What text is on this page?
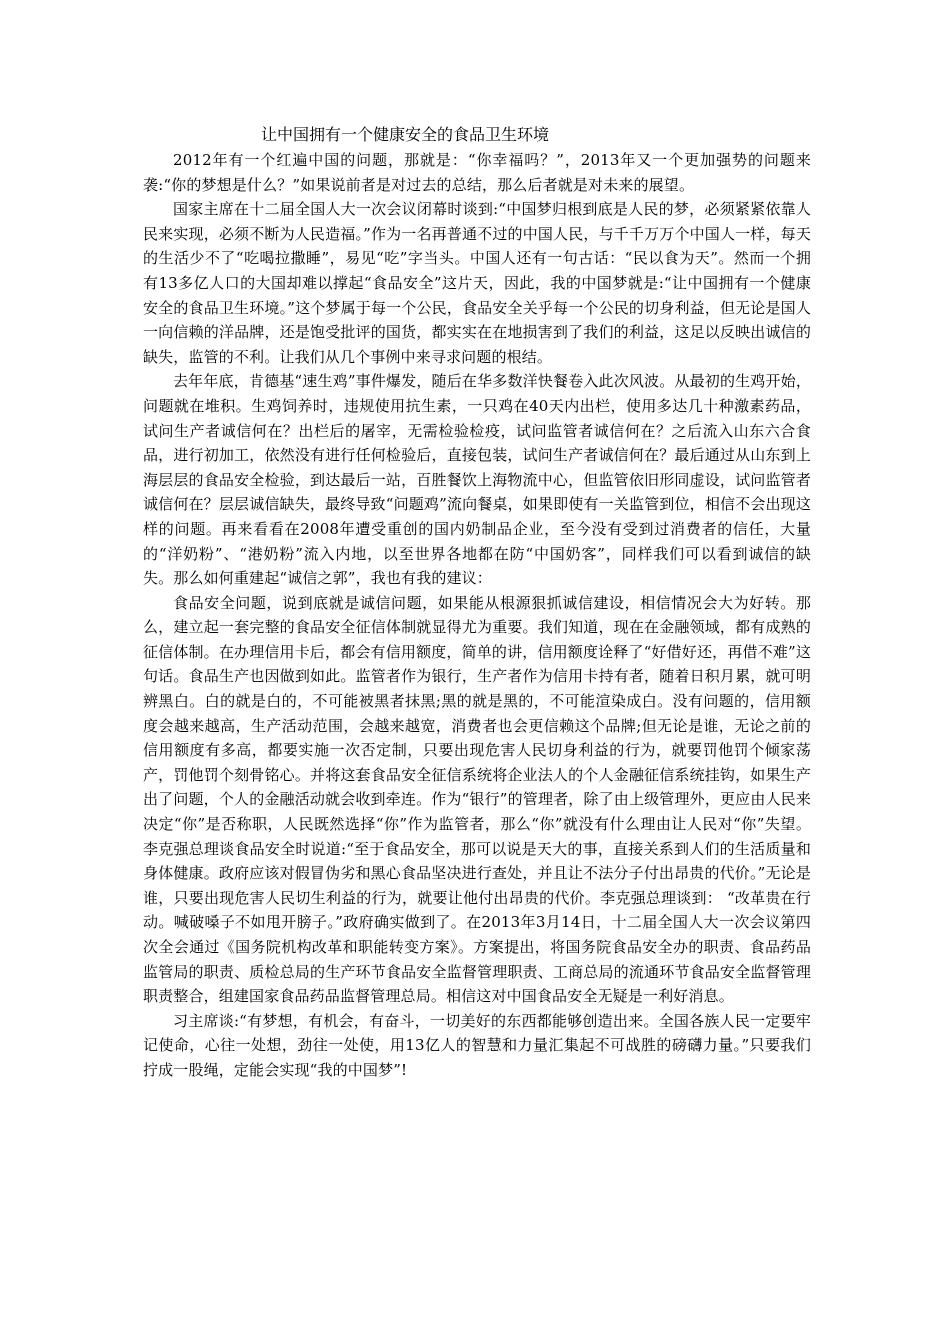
让中国拥有一个健康安全的食品卫生环境

2012年有一个红遍中国的问题，那就是：“你幸福吗？”，2013年又一个更加强势的问题来袭:“你的梦想是什么？”如果说前者是对过去的总结，那么后者就是对未来的展望。

国家主席在十二届全国人大一次会议闭幕时谈到:“中国梦归根到底是人民的梦，必须紧紧依靠人民来实现，必须不断为人民造福。”作为一名再普通不过的中国人民，与千千万万个中国人一样，每天的生活少不了“吃喝拉撒睡”，易见“吃”字当头。中国人还有一句古话：“民以食为天”。然而一个拥有13多亿人口的大国却难以撑起“食品安全”这片天，因此，我的中国梦就是:“让中国拥有一个健康安全的食品卫生环境。”这个梦属于每一个公民，食品安全关乎每一个公民的切身利益，但无论是国人一向信赖的洋品牌，还是饱受批评的国货，都实实在在地损害到了我们的利益，这足以反映出诚信的缺失，监管的不利。让我们从几个事例中来寻求问题的根结。

去年年底，肯德基“速生鸡”事件爆发，随后在华多数洋快餐卷入此次风波。从最初的生鸡开始，问题就在堆积。生鸡饲养时，违规使用抗生素，一只鸡在40天内出栏，使用多达几十种激素药品，试问生产者诚信何在？出栏后的屠宰，无需检验检疫，试问监管者诚信何在？之后流入山东六合食品，进行初加工，依然没有进行任何检验后，直接包装，试问生产者诚信何在？最后通过从山东到上海层层的食品安全检验，到达最后一站，百胜餐饮上海物流中心，但监管依旧形同虚设，试问监管者诚信何在？层层诚信缺失，最终导致“问题鸡”流向餐桌，如果即使有一关监管到位，相信不会出现这样的问题。再来看看在2008年遭受重创的国内奶制品企业，至今没有受到过消费者的信任，大量的“洋奶粉”、“港奶粉”流入内地，以至世界各地都在防“中国奶客”，同样我们可以看到诚信的缺失。那么如何重建起“诚信之郭”，我也有我的建议：

食品安全问题，说到底就是诚信问题，如果能从根源狠抓诚信建设，相信情况会大为好转。那么，建立起一套完整的食品安全征信体制就显得尤为重要。我们知道，现在在金融领域，都有成熟的征信体制。在办理信用卡后，都会有信用额度，简单的讲，信用额度诠释了“好借好还，再借不难”这句话。食品生产也因做到如此。监管者作为银行，生产者作为信用卡持有者，随着日积月累，就可明辨黑白。白的就是白的，不可能被黑者抹黑;黑的就是黑的，不可能渲染成白。没有问题的，信用额度会越来越高，生产活动范围，会越来越宽，消费者也会更信赖这个品牌;但无论是谁，无论之前的信用额度有多高，都要实施一次否定制，只要出现危害人民切身利益的行为，就要罚他罚个倾家荡产，罚他罚个刻骨铭心。并将这套食品安全征信系统将企业法人的个人金融征信系统挂钩，如果生产出了问题，个人的金融活动就会收到牵连。作为“银行”的管理者，除了由上级管理外，更应由人民来决定“你”是否称职，人民既然选择“你”作为监管者，那么“你”就没有什么理由让人民对“你”失望。李克强总理谈食品安全时说道:“至于食品安全，那可以说是天大的事，直接关系到人们的生活质量和身体健康。政府应该对假冒伪劣和黑心食品坚决进行查处，并且让不法分子付出昂贵的代价。”无论是谁，只要出现危害人民切生利益的行为，就要让他付出昂贵的代价。李克强总理谈到： “改革贵在行动。喊破嗓子不如甩开膀子。”政府确实做到了。在2013年3月14日，十二届全国人大一次会议第四次全会通过《国务院机构改革和职能转变方案》。方案提出，将国务院食品安全办的职责、食品药品监管局的职责、质检总局的生产环节食品安全监督管理职责、工商总局的流通环节食品安全监督管理职责整合，组建国家食品药品监督管理总局。相信这对中国食品安全无疑是一利好消息。

习主席谈:“有梦想，有机会，有奋斗，一切美好的东西都能够创造出来。全国各族人民一定要牢记使命，心往一处想，劲往一处使，用13亿人的智慧和力量汇集起不可战胜的磅礴力量。”只要我们拧成一股绳，定能会实现“我的中国梦”!
